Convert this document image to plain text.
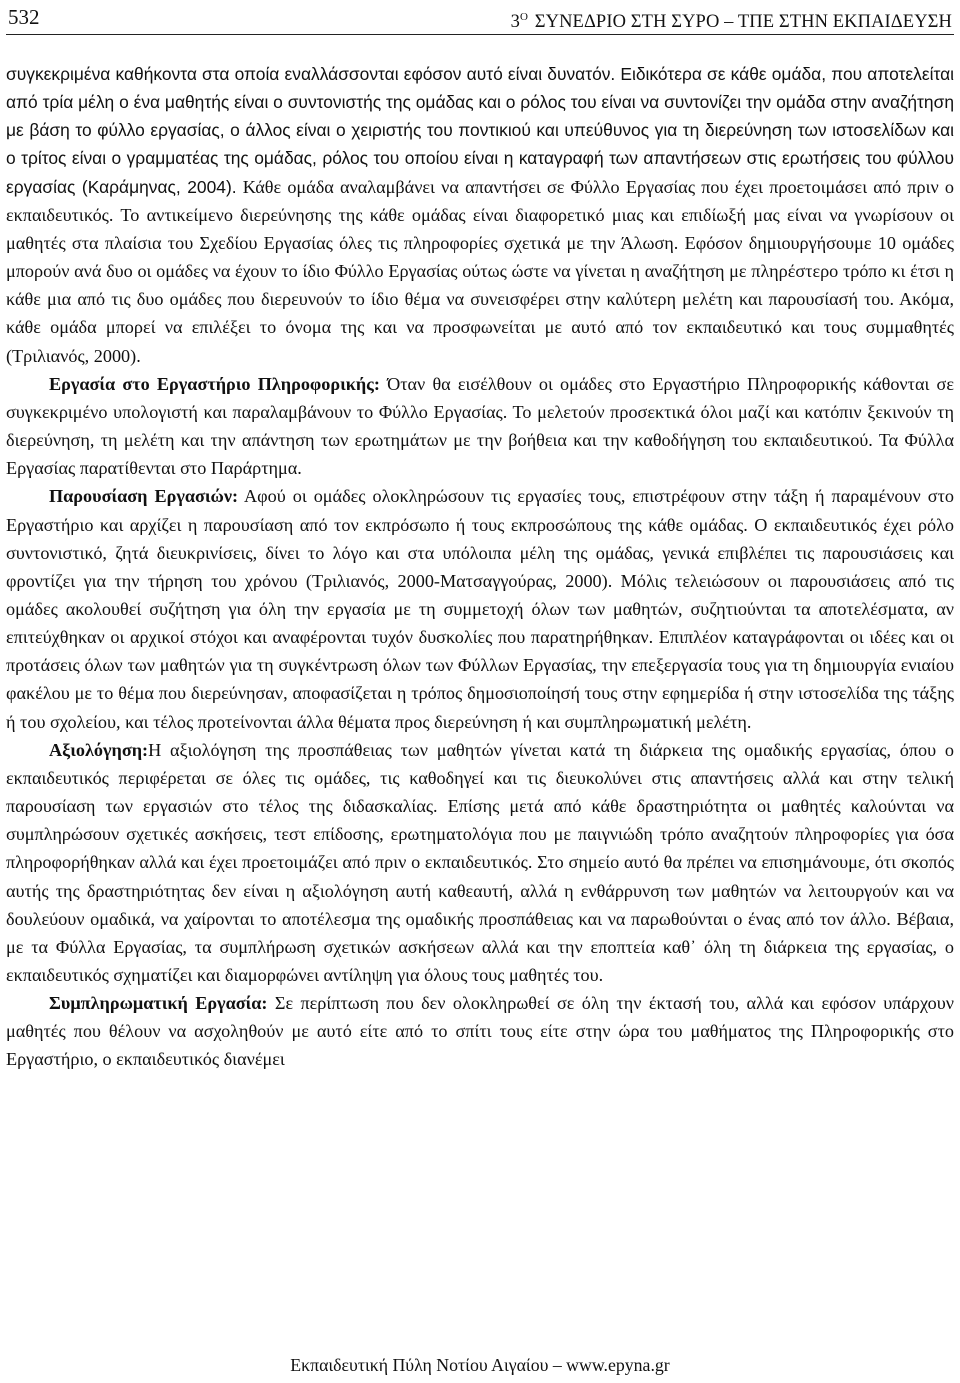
532	$3^O$ ΣΥΝΕΔΡΙΟ ΣΤΗ ΣΥΡΟ – ΤΠΕ ΣΤΗΝ ΕΚΠΑΙΔΕΥΣΗ

συγκεκριμένα καθήκοντα στα οποία εναλλάσσονται εφόσον αυτό είναι δυνατόν. Ειδικότερα σε κάθε ομάδα, που αποτελείται από τρία μέλη ο ένα μαθητής είναι ο συντονιστής της ομάδας και ο ρόλος του είναι να συντονίζει την ομάδα στην αναζήτηση με βάση το φύλλο εργασίας, ο άλλος είναι ο χειριστής του ποντικιού και υπεύθυνος για τη διερεύνηση των ιστοσελίδων και ο τρίτος είναι ο γραμματέας της ομάδας, ρόλος του οποίου είναι η καταγραφή των απαντήσεων στις ερωτήσεις του φύλλου εργασίας (Καράμηνας, 2004). Κάθε ομάδα αναλαμβάνει να απαντήσει σε Φύλλο Εργασίας που έχει προετοιμάσει από πριν ο εκπαιδευτικός. Το αντικείμενο διερεύνησης της κάθε ομάδας είναι διαφορετικό μιας και επιδίωξή μας είναι να γνωρίσουν οι μαθητές στα πλαίσια του Σχεδίου Εργασίας όλες τις πληροφορίες σχετικά με την Άλωση. Εφόσον δημιουργήσουμε 10 ομάδες μπορούν ανά δυο οι ομάδες να έχουν το ίδιο Φύλλο Εργασίας ούτως ώστε να γίνεται η αναζήτηση με πληρέστερο τρόπο κι έτσι η κάθε μια από τις δυο ομάδες που διερευνούν το ίδιο θέμα να συνεισφέρει στην καλύτερη μελέτη και παρουσίασή του. Ακόμα, κάθε ομάδα μπορεί να επιλέξει το όνομα της και να προσφωνείται με αυτό από τον εκπαιδευτικό και τους συμμαθητές (Τριλιανός, 2000).

Εργασία στο Εργαστήριο Πληροφορικής: Όταν θα εισέλθουν οι ομάδες στο Εργαστήριο Πληροφορικής κάθονται σε συγκεκριμένο υπολογιστή και παραλαμβάνουν το Φύλλο Εργασίας. Το μελετούν προσεκτικά όλοι μαζί και κατόπιν ξεκινούν τη διερεύνηση, τη μελέτη και την απάντηση των ερωτημάτων με την βοήθεια και την καθοδήγηση του εκπαιδευτικού. Τα Φύλλα Εργασίας παρατίθενται στο Παράρτημα.

Παρουσίαση Εργασιών: Αφού οι ομάδες ολοκληρώσουν τις εργασίες τους, επιστρέφουν στην τάξη ή παραμένουν στο Εργαστήριο και αρχίζει η παρουσίαση από τον εκπρόσωπο ή τους εκπροσώπους της κάθε ομάδας. Ο εκπαιδευτικός έχει ρόλο συντονιστικό, ζητά διευκρινίσεις, δίνει το λόγο και στα υπόλοιπα μέλη της ομάδας, γενικά επιβλέπει τις παρουσιάσεις και φροντίζει για την τήρηση του χρόνου (Τριλιανός, 2000-Ματσαγγούρας, 2000). Μόλις τελειώσουν οι παρουσιάσεις από τις ομάδες ακολουθεί συζήτηση για όλη την εργασία με τη συμμετοχή όλων των μαθητών, συζητιούνται τα αποτελέσματα, αν επιτεύχθηκαν οι αρχικοί στόχοι και αναφέρονται τυχόν δυσκολίες που παρατηρήθηκαν. Επιπλέον καταγράφονται οι ιδέες και οι προτάσεις όλων των μαθητών για τη συγκέντρωση όλων των Φύλλων Εργασίας, την επεξεργασία τους για τη δημιουργία ενιαίου φακέλου με το θέμα που διερεύνησαν, αποφασίζεται η τρόπος δημοσιοποίησή τους στην εφημερίδα ή στην ιστοσελίδα της τάξης ή του σχολείου, και τέλος προτείνονται άλλα θέματα προς διερεύνηση ή και συμπληρωματική μελέτη.

Αξιολόγηση:Η αξιολόγηση της προσπάθειας των μαθητών γίνεται κατά τη διάρκεια της ομαδικής εργασίας, όπου ο εκπαιδευτικός περιφέρεται σε όλες τις ομάδες, τις καθοδηγεί και τις διευκολύνει στις απαντήσεις αλλά και στην τελική παρουσίαση των εργασιών στο τέλος της διδασκαλίας. Επίσης μετά από κάθε δραστηριότητα οι μαθητές καλούνται να συμπληρώσουν σχετικές ασκήσεις, τεστ επίδοσης, ερωτηματολόγια που με παιγνιώδη τρόπο αναζητούν πληροφορίες για όσα πληροφορήθηκαν αλλά και έχει προετοιμάζει από πριν ο εκπαιδευτικός. Στο σημείο αυτό θα πρέπει να επισημάνουμε, ότι σκοπός αυτής της δραστηριότητας δεν είναι η αξιολόγηση αυτή καθεαυτή, αλλά η ενθάρρυνση των μαθητών να λειτουργούν και να δουλεύουν ομαδικά, να χαίρονται το αποτέλεσμα της ομαδικής προσπάθειας και να παρωθούνται ο ένας από τον άλλο. Βέβαια, με τα Φύλλα Εργασίας, τα συμπλήρωση σχετικών ασκήσεων αλλά και την εποπτεία καθ᾽ όλη τη διάρκεια της εργασίας, ο εκπαιδευτικός σχηματίζει και διαμορφώνει αντίληψη για όλους τους μαθητές του.

Συμπληρωματική Εργασία: Σε περίπτωση που δεν ολοκληρωθεί σε όλη την έκτασή του, αλλά και εφόσον υπάρχουν μαθητές που θέλουν να ασχοληθούν με αυτό είτε από το σπίτι τους είτε στην ώρα του μαθήματος της Πληροφορικής στο Εργαστήριο, ο εκπαιδευτικός διανέμει

Εκπαιδευτική Πύλη Νοτίου Αιγαίου – www.epyna.gr
